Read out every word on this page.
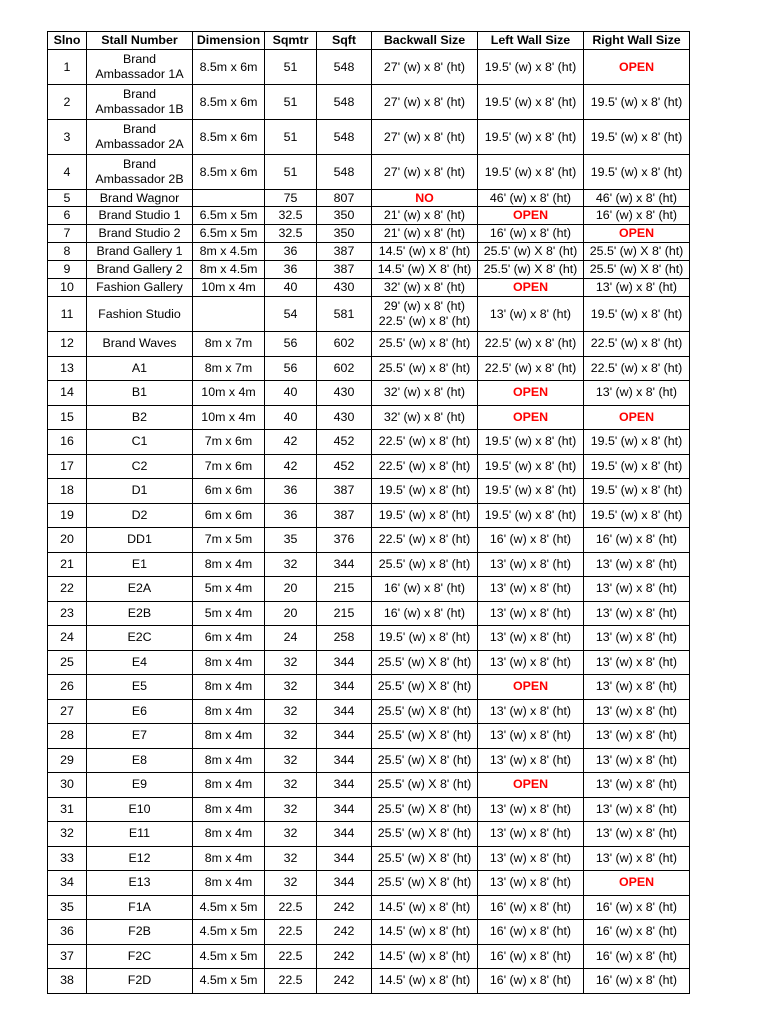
Slno	Stall Number	Dimension	Sqmtr	Sqft	Backwall Size	Left Wall Size	Right Wall Size
1	Brand Ambassador 1A	8.5m x 6m	51	548	27' (w) x 8' (ht)	19.5' (w) x 8' (ht)	OPEN
2	Brand Ambassador 1B	8.5m x 6m	51	548	27' (w) x 8' (ht)	19.5' (w) x 8' (ht)	19.5' (w) x 8' (ht)
3	Brand Ambassador 2A	8.5m x 6m	51	548	27' (w) x 8' (ht)	19.5' (w) x 8' (ht)	19.5' (w) x 8' (ht)
4	Brand Ambassador 2B	8.5m x 6m	51	548	27' (w) x 8' (ht)	19.5' (w) x 8' (ht)	19.5' (w) x 8' (ht)
5	Brand Wagnor		75	807	NO	46' (w) x 8' (ht)	46' (w) x 8' (ht)
6	Brand Studio 1	6.5m x 5m	32.5	350	21' (w) x 8' (ht)	OPEN	16' (w) x 8' (ht)
7	Brand Studio 2	6.5m x 5m	32.5	350	21' (w) x 8' (ht)	16' (w) x 8' (ht)	OPEN
8	Brand Gallery 1	8m x 4.5m	36	387	14.5' (w) x 8' (ht)	25.5' (w) X 8' (ht)	25.5' (w) X 8' (ht)
9	Brand Gallery 2	8m x 4.5m	36	387	14.5' (w) X 8' (ht)	25.5' (w) X 8' (ht)	25.5' (w) X 8' (ht)
10	Fashion Gallery	10m x 4m	40	430	32' (w) x 8' (ht)	OPEN	13' (w) x 8' (ht)
11	Fashion Studio		54	581	29' (w) x 8' (ht) 22.5' (w) x 8' (ht)	13' (w) x 8' (ht)	19.5' (w) x 8' (ht)
12	Brand Waves	8m x 7m	56	602	25.5' (w) x 8' (ht)	22.5' (w) x 8' (ht)	22.5' (w) x 8' (ht)
13	A1	8m x 7m	56	602	25.5' (w) x 8' (ht)	22.5' (w) x 8' (ht)	22.5' (w) x 8' (ht)
14	B1	10m x 4m	40	430	32' (w) x 8' (ht)	OPEN	13' (w) x 8' (ht)
15	B2	10m x 4m	40	430	32' (w) x 8' (ht)	OPEN	OPEN
16	C1	7m x 6m	42	452	22.5' (w) x 8' (ht)	19.5' (w) x 8' (ht)	19.5' (w) x 8' (ht)
17	C2	7m x 6m	42	452	22.5' (w) x 8' (ht)	19.5' (w) x 8' (ht)	19.5' (w) x 8' (ht)
18	D1	6m x 6m	36	387	19.5' (w) x 8' (ht)	19.5' (w) x 8' (ht)	19.5' (w) x 8' (ht)
19	D2	6m x 6m	36	387	19.5' (w) x 8' (ht)	19.5' (w) x 8' (ht)	19.5' (w) x 8' (ht)
20	DD1	7m x 5m	35	376	22.5' (w) x 8' (ht)	16' (w) x 8' (ht)	16' (w) x 8' (ht)
21	E1	8m x 4m	32	344	25.5' (w) x 8' (ht)	13' (w) x 8' (ht)	13' (w) x 8' (ht)
22	E2A	5m x 4m	20	215	16' (w) x 8' (ht)	13' (w) x 8' (ht)	13' (w) x 8' (ht)
23	E2B	5m x 4m	20	215	16' (w) x 8' (ht)	13' (w) x 8' (ht)	13' (w) x 8' (ht)
24	E2C	6m x 4m	24	258	19.5' (w) x 8' (ht)	13' (w) x 8' (ht)	13' (w) x 8' (ht)
25	E4	8m x 4m	32	344	25.5' (w) X 8' (ht)	13' (w) x 8' (ht)	13' (w) x 8' (ht)
26	E5	8m x 4m	32	344	25.5' (w) X 8' (ht)	OPEN	13' (w) x 8' (ht)
27	E6	8m x 4m	32	344	25.5' (w) X 8' (ht)	13' (w) x 8' (ht)	13' (w) x 8' (ht)
28	E7	8m x 4m	32	344	25.5' (w) X 8' (ht)	13' (w) x 8' (ht)	13' (w) x 8' (ht)
29	E8	8m x 4m	32	344	25.5' (w) X 8' (ht)	13' (w) x 8' (ht)	13' (w) x 8' (ht)
30	E9	8m x 4m	32	344	25.5' (w) X 8' (ht)	OPEN	13' (w) x 8' (ht)
31	E10	8m x 4m	32	344	25.5' (w) X 8' (ht)	13' (w) x 8' (ht)	13' (w) x 8' (ht)
32	E11	8m x 4m	32	344	25.5' (w) X 8' (ht)	13' (w) x 8' (ht)	13' (w) x 8' (ht)
33	E12	8m x 4m	32	344	25.5' (w) X 8' (ht)	13' (w) x 8' (ht)	13' (w) x 8' (ht)
34	E13	8m x 4m	32	344	25.5' (w) X 8' (ht)	13' (w) x 8' (ht)	OPEN
35	F1A	4.5m x 5m	22.5	242	14.5' (w) x 8' (ht)	16' (w) x 8' (ht)	16' (w) x 8' (ht)
36	F2B	4.5m x 5m	22.5	242	14.5' (w) x 8' (ht)	16' (w) x 8' (ht)	16' (w) x 8' (ht)
37	F2C	4.5m x 5m	22.5	242	14.5' (w) x 8' (ht)	16' (w) x 8' (ht)	16' (w) x 8' (ht)
38	F2D	4.5m x 5m	22.5	242	14.5' (w) x 8' (ht)	16' (w) x 8' (ht)	16' (w) x 8' (ht)
